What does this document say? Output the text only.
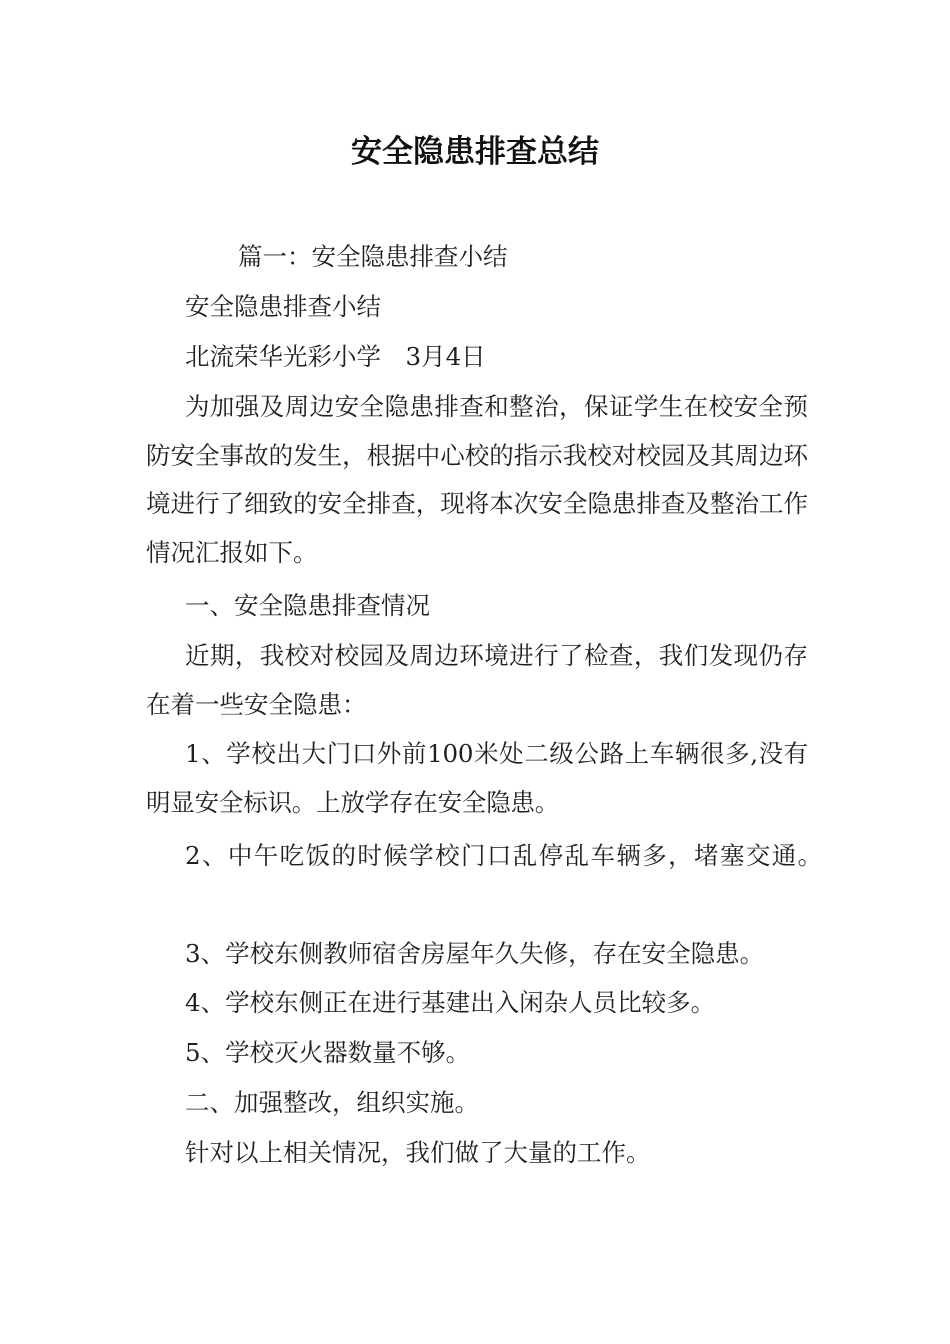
安全隐患排查总结
篇一：安全隐患排查小结
安全隐患排查小结
北流荣华光彩小学　3月4日

为加强及周边安全隐患排查和整治，保证学生在校安全预防安全事故的发生，根据中心校的指示我校对校园及其周边环境进行了细致的安全排查，现将本次安全隐患排查及整治工作情况汇报如下。

一、安全隐患排查情况

近期，我校对校园及周边环境进行了检查，我们发现仍存在着一些安全隐患：

1、学校出大门口外前100米处二级公路上车辆很多,没有明显安全标识。上放学存在安全隐患。

2、中午吃饭的时候学校门口乱停乱车辆多，堵塞交通。
3、学校东侧教师宿舍房屋年久失修，存在安全隐患。
4、学校东侧正在进行基建出入闲杂人员比较多。
5、学校灭火器数量不够。
二、加强整改，组织实施。
针对以上相关情况，我们做了大量的工作。
